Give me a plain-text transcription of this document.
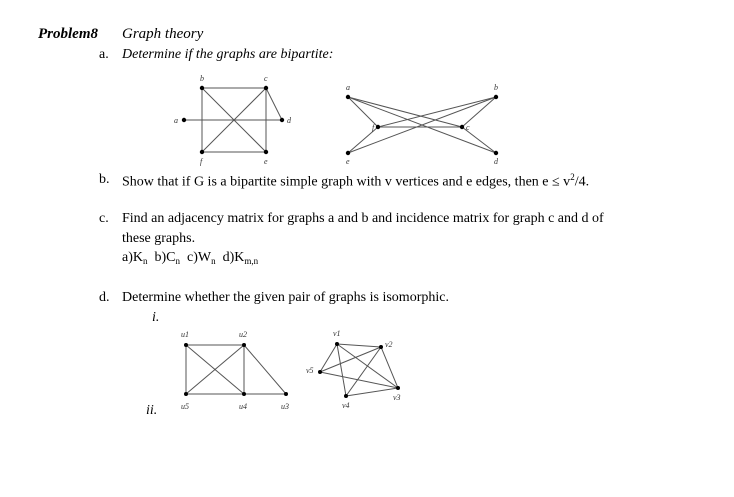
Problem8 Graph theory
a. Determine if the graphs are bipartite:
b	c
a	d
f	e
a	b
f	c
e	d
b. Show that if G is a bipartite simple graph with v vertices and e edges, then $e \le v^2/4$.
c. Find an adjacency matrix for graphs a and b and incidence matrix for graph c and d of
these graphs.
$a)K_n$ $b)C_n$ $c)W_n$ $d)K_{m,n}$
d. Determine whether the given pair of graphs is isomorphic.
i.
ii.
u1	u2
u5	u4	u3
v1
v2
v5
v4
v3
